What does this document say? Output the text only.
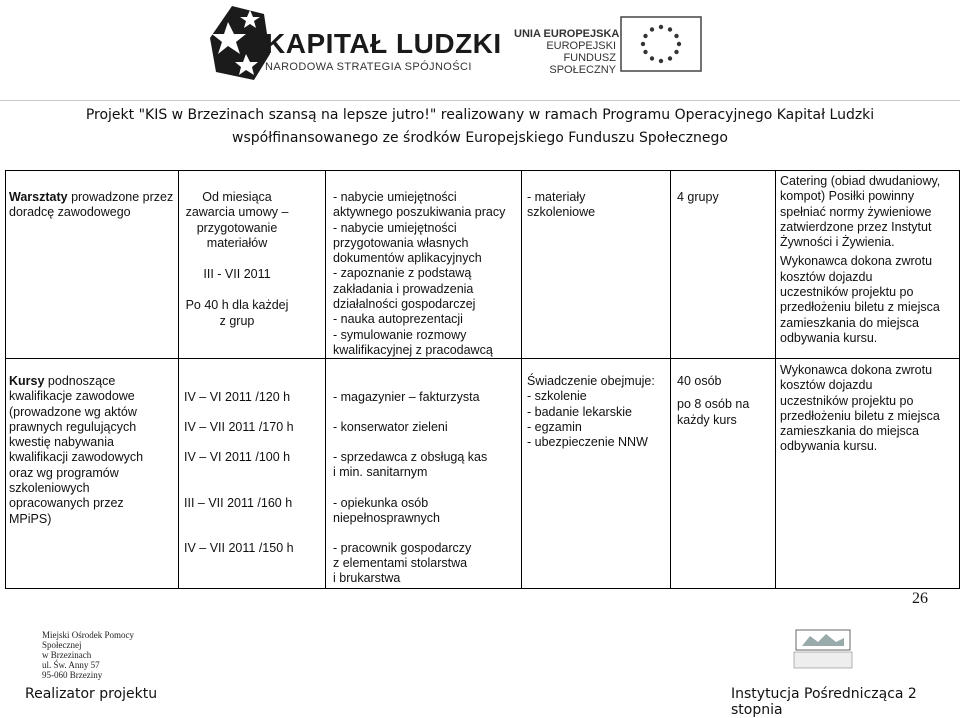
KAPITAŁ LUDZKI
NARODOWA STRATEGIA SPÓJNOŚCI
UNIA EUROPEJSKA
EUROPEJSKI
FUNDUSZ SPOŁECZNY
Projekt "KIS w Brzezinach szansą na lepsze jutro!" realizowany w ramach Programu Operacyjnego Kapitał Ludzki
współfinansowanego ze środków Europejskiego Funduszu Społecznego
Warsztaty prowadzone przez doradcę zawodowego
Od miesiąca zawarcia umowy –
przygotowanie materiałów
III - VII 2011
Po 40 h dla każdej z grup
- nabycie umiejętności
aktywnego poszukiwania pracy
- nabycie umiejętności
przygotowania własnych
dokumentów aplikacyjnych
- zapoznanie z podstawą
zakładania i prowadzenia
działalności gospodarczej
- nauka autoprezentacji
- symulowanie rozmowy
kwalifikacyjnej z pracodawcą
- materiały
szkoleniowe
4 grupy
Catering (obiad dwudaniowy,
kompot) Posiłki powinny
spełniać normy żywieniowe
zatwierdzone przez Instytut
Żywności i Żywienia.
Wykonawca dokona zwrotu
kosztów dojazdu
uczestników projektu po
przedłożeniu biletu z miejsca
zamieszkania do miejsca
odbywania kursu.
Kursy podnoszące
kwalifikacje zawodowe
(prowadzone wg aktów
prawnych regulujących
kwestię nabywania
kwalifikacji zawodowych
oraz wg programów
szkoleniowych
opracowanych przez
MPiPS)
IV – VI 2011 /120 h
IV – VII 2011 /170 h
IV – VI 2011 /100 h
III – VII 2011 /160 h
IV – VII 2011 /150 h
- magazynier – fakturzysta
- konserwator zieleni
- sprzedawca z obsługą kas
i min. sanitarnym
- opiekunka osób
niepełnosprawnych
- pracownik gospodarczy
z elementami stolarstwa
i brukarstwa
Świadczenie obejmuje:
- szkolenie
- badanie lekarskie
- egzamin
- ubezpieczenie NNW
40 osób
po 8 osób na
każdy kurs
Wykonawca dokona zwrotu
kosztów dojazdu
uczestników projektu po
przedłożeniu biletu z miejsca
zamieszkania do miejsca
odbywania kursu.
26
Miejski Ośrodek Pomocy
Społecznej
w Brzezinach
ul. Św. Anny 57
95-060 Brzeziny
Realizator projektu	Instytucja Pośrednicząca 2 stopnia
